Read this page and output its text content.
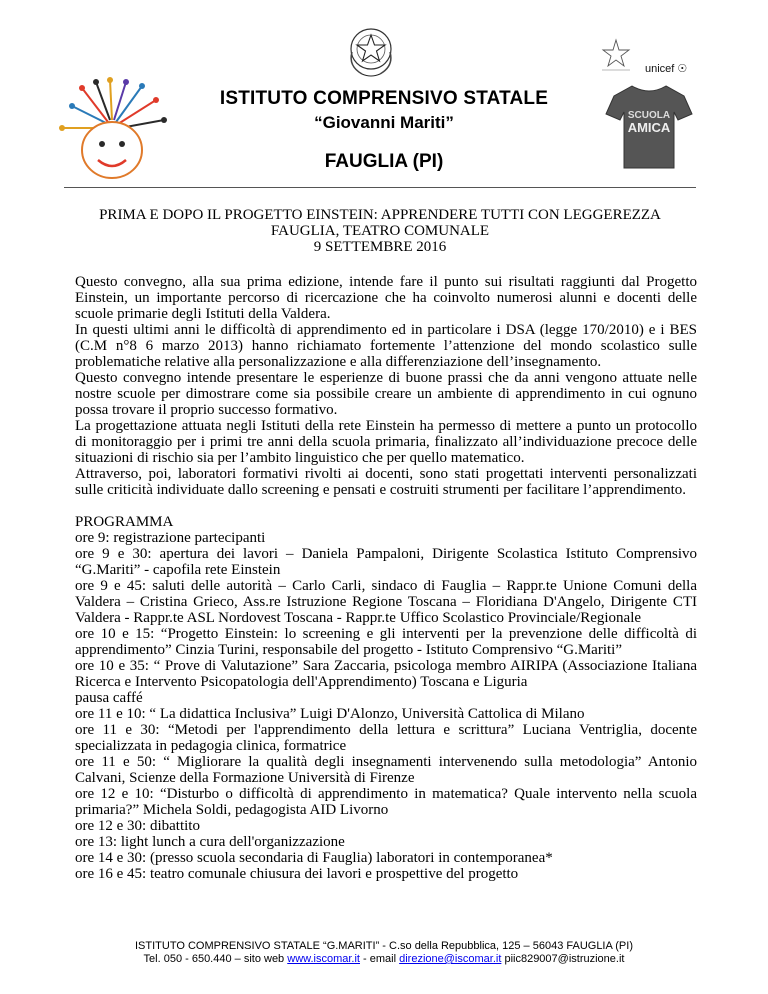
unicef ☉
SCUOLA
AMICA
ISTITUTO COMPRENSIVO STATALE
“Giovanni Mariti”
FAUGLIA (PI)
PRIMA E DOPO IL PROGETTO EINSTEIN: APPRENDERE TUTTI CON LEGGEREZZA
FAUGLIA, TEATRO COMUNALE
9 SETTEMBRE 2016

Questo convegno, alla sua prima edizione, intende fare il punto sui risultati raggiunti dal Progetto Einstein, un importante percorso di ricercazione che ha coinvolto numerosi alunni e docenti delle scuole primarie degli Istituti della Valdera.

In questi ultimi anni le difficoltà di apprendimento ed in particolare i DSA (legge 170/2010) e i BES (C.M n°8 6 marzo 2013) hanno richiamato fortemente l’attenzione del mondo scolastico sulle problematiche relative alla personalizzazione e alla differenziazione dell’insegnamento.

Questo convegno intende presentare le esperienze di buone prassi che da anni vengono attuate nelle nostre scuole per dimostrare come sia possibile creare un ambiente di apprendimento in cui ognuno possa trovare il proprio successo formativo.

La progettazione attuata negli Istituti della rete Einstein ha permesso di mettere a punto un protocollo di monitoraggio per i primi tre anni della scuola primaria, finalizzato all’individuazione precoce delle situazioni di rischio sia per l’ambito linguistico che per quello matematico.

Attraverso, poi, laboratori formativi rivolti ai docenti, sono stati progettati interventi personalizzati sulle criticità individuate dallo screening e pensati e costruiti strumenti per facilitare l’apprendimento.

PROGRAMMA
ore 9: registrazione partecipanti
ore 9 e 30: apertura dei lavori – Daniela Pampaloni, Dirigente Scolastica Istituto Comprensivo “G.Mariti” - capofila rete Einstein
ore 9 e 45: saluti delle autorità – Carlo Carli, sindaco di Fauglia – Rappr.te Unione Comuni della Valdera – Cristina Grieco, Ass.re Istruzione Regione Toscana – Floridiana D'Angelo, Dirigente CTI Valdera - Rappr.te ASL Nordovest Toscana - Rappr.te Uffico Scolastico Provinciale/Regionale
ore 10 e 15: “Progetto Einstein: lo screening e gli interventi per la prevenzione delle difficoltà di apprendimento” Cinzia Turini, responsabile del progetto - Istituto Comprensivo “G.Mariti”
ore 10 e 35: “ Prove di Valutazione” Sara Zaccaria, psicologa membro AIRIPA (Associazione Italiana Ricerca e Intervento Psicopatologia dell'Apprendimento) Toscana e Liguria
pausa caffé
ore 11 e 10: “ La didattica Inclusiva” Luigi D'Alonzo, Università Cattolica di Milano
ore 11 e 30: “Metodi per l'apprendimento della lettura e scrittura” Luciana Ventriglia, docente specializzata in pedagogia clinica, formatrice
ore 11 e 50: “ Migliorare la qualità degli insegnamenti intervenendo sulla metodologia” Antonio Calvani, Scienze della Formazione Università di Firenze
ore 12 e 10: “Disturbo o difficoltà di apprendimento in matematica? Quale intervento nella scuola primaria?” Michela Soldi, pedagogista AID Livorno
ore 12 e 30: dibattito
ore 13: light lunch a cura dell'organizzazione
ore 14 e 30: (presso scuola secondaria di Fauglia) laboratori in contemporanea*
ore 16 e 45: teatro comunale chiusura dei lavori e prospettive del progetto
ISTITUTO COMPRENSIVO STATALE “G.MARITI” - C.so della Repubblica, 125 – 56043 FAUGLIA (PI)
Tel. 050 - 650.440 – sito web www.iscomar.it - email direzione@iscomar.it piic829007@istruzione.it
